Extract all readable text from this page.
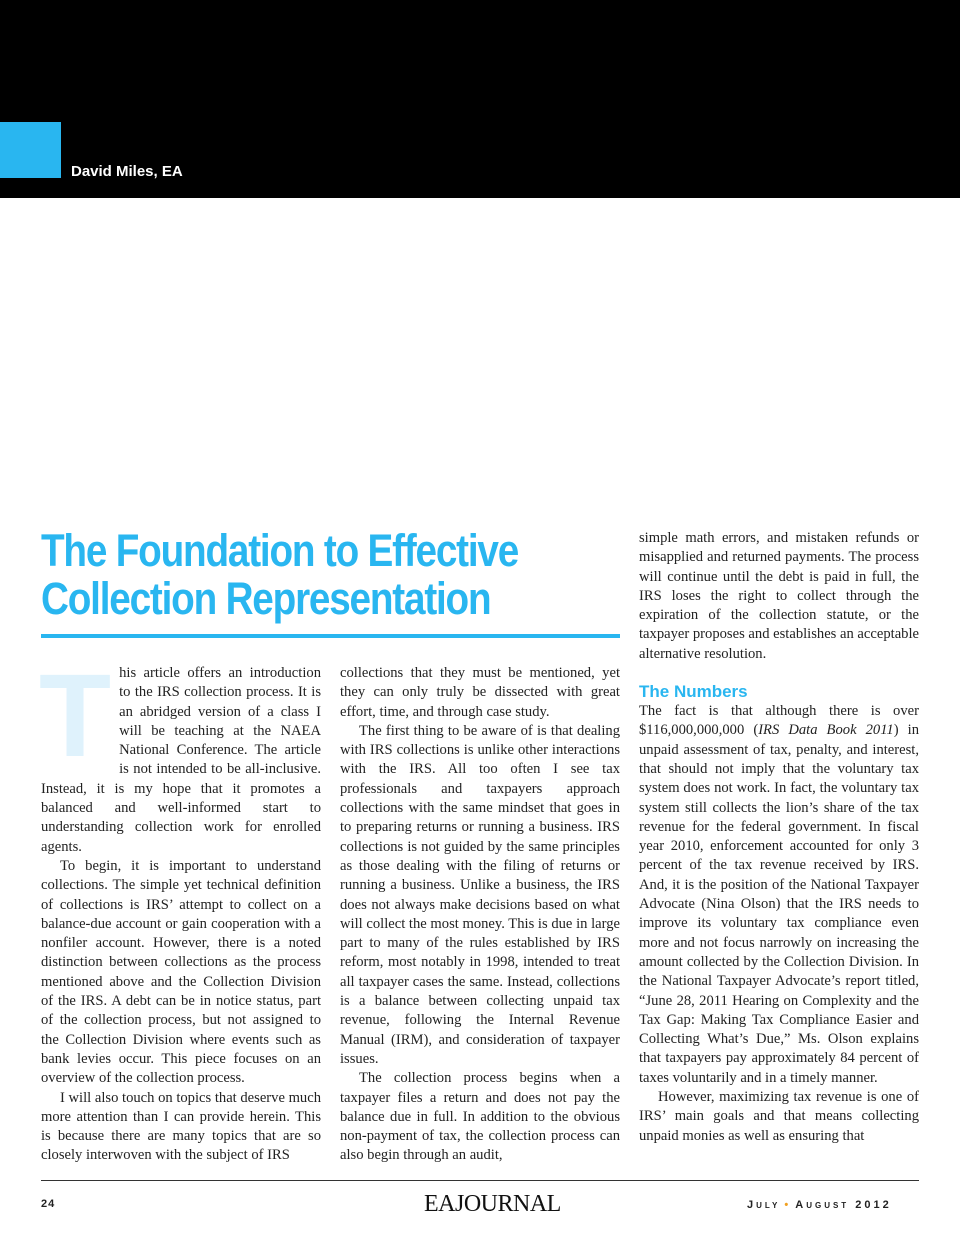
David Miles, EA
The Foundation to Effective
Collection Representation
T his article offers an introduction to the IRS collection process. It is an abridged version of a class I will be teaching at the NAEA National Conference. The article is not intended to be all-inclusive. Instead, it is my hope that it promotes a balanced and well-informed start to understanding collection work for enrolled agents.

To begin, it is important to understand collections. The simple yet technical definition of collections is IRS’ attempt to collect on a balance-due account or gain cooperation with a nonfiler account. However, there is a noted distinction between collections as the process mentioned above and the Collection Division of the IRS. A debt can be in notice status, part of the collection process, but not assigned to the Collection Division where events such as bank levies occur. This piece focuses on an overview of the collection process.

I will also touch on topics that deserve much more attention than I can provide herein. This is because there are many topics that are so closely interwoven with the subject of IRS

collections that they must be mentioned, yet they can only truly be dissected with great effort, time, and through case study.

The first thing to be aware of is that dealing with IRS collections is unlike other interactions with the IRS. All too often I see tax professionals and taxpayers approach collections with the same mindset that goes in to preparing returns or running a business. IRS collections is not guided by the same principles as those dealing with the filing of returns or running a business. Unlike a business, the IRS does not always make decisions based on what will collect the most money. This is due in large part to many of the rules established by IRS reform, most notably in 1998, intended to treat all taxpayer cases the same. Instead, collections is a balance between collecting unpaid tax revenue, following the Internal Revenue Manual (IRM), and consideration of taxpayer issues.

The collection process begins when a taxpayer files a return and does not pay the balance due in full. In addition to the obvious non-payment of tax, the collection process can also begin through an audit,

simple math errors, and mistaken refunds or misapplied and returned payments. The process will continue until the debt is paid in full, the IRS loses the right to collect through the expiration of the collection statute, or the taxpayer proposes and establishes an acceptable alternative resolution.

The Numbers

The fact is that although there is over $116,000,000,000 (IRS Data Book 2011) in unpaid assessment of tax, penalty, and interest, that should not imply that the voluntary tax system does not work. In fact, the voluntary tax system still collects the lion’s share of the tax revenue for the federal government. In fiscal year 2010, enforcement accounted for only 3 percent of the tax revenue received by IRS. And, it is the position of the National Taxpayer Advocate (Nina Olson) that the IRS needs to improve its voluntary tax compliance even more and not focus narrowly on increasing the amount collected by the Collection Division. In the National Taxpayer Advocate’s report titled, “June 28, 2011 Hearing on Complexity and the Tax Gap: Making Tax Compliance Easier and Collecting What’s Due,” Ms. Olson explains that taxpayers pay approximately 84 percent of taxes voluntarily and in a timely manner.

However, maximizing tax revenue is one of IRS’ main goals and that means collecting unpaid monies as well as ensuring that

24	EAJOURNAL	July • August 2012
